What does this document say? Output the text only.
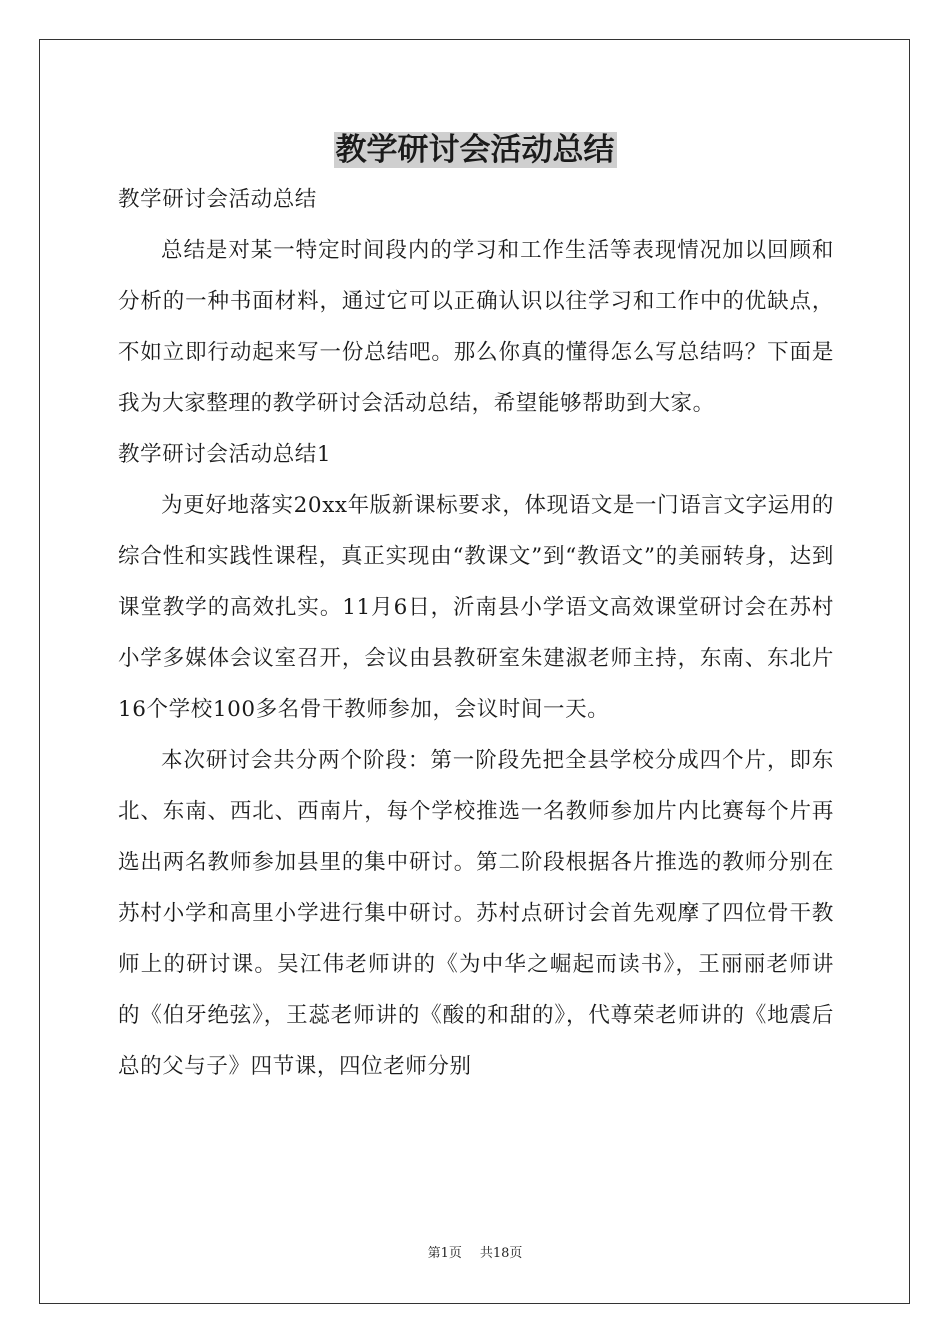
教学研讨会活动总结

教学研讨会活动总结

总结是对某一特定时间段内的学习和工作生活等表现情况加以回顾和分析的一种书面材料，通过它可以正确认识以往学习和工作中的优缺点，不如立即行动起来写一份总结吧。那么你真的懂得怎么写总结吗？下面是我为大家整理的教学研讨会活动总结，希望能够帮助到大家。

教学研讨会活动总结1

为更好地落实20xx年版新课标要求，体现语文是一门语言文字运用的综合性和实践性课程，真正实现由“教课文”到“教语文”的美丽转身，达到课堂教学的高效扎实。11月6日，沂南县小学语文高效课堂研讨会在苏村小学多媒体会议室召开，会议由县教研室朱建淑老师主持，东南、东北片16个学校100多名骨干教师参加，会议时间一天。

本次研讨会共分两个阶段：第一阶段先把全县学校分成四个片，即东北、东南、西北、西南片，每个学校推选一名教师参加片内比赛每个片再选出两名教师参加县里的集中研讨。第二阶段根据各片推选的教师分别在苏村小学和高里小学进行集中研讨。苏村点研讨会首先观摩了四位骨干教师上的研讨课。吴江伟老师讲的《为中华之崛起而读书》，王丽丽老师讲的《伯牙绝弦》，王蕊老师讲的《酸的和甜的》，代尊荣老师讲的《地震后总的父与子》四节课，四位老师分别

第1页 共18页
